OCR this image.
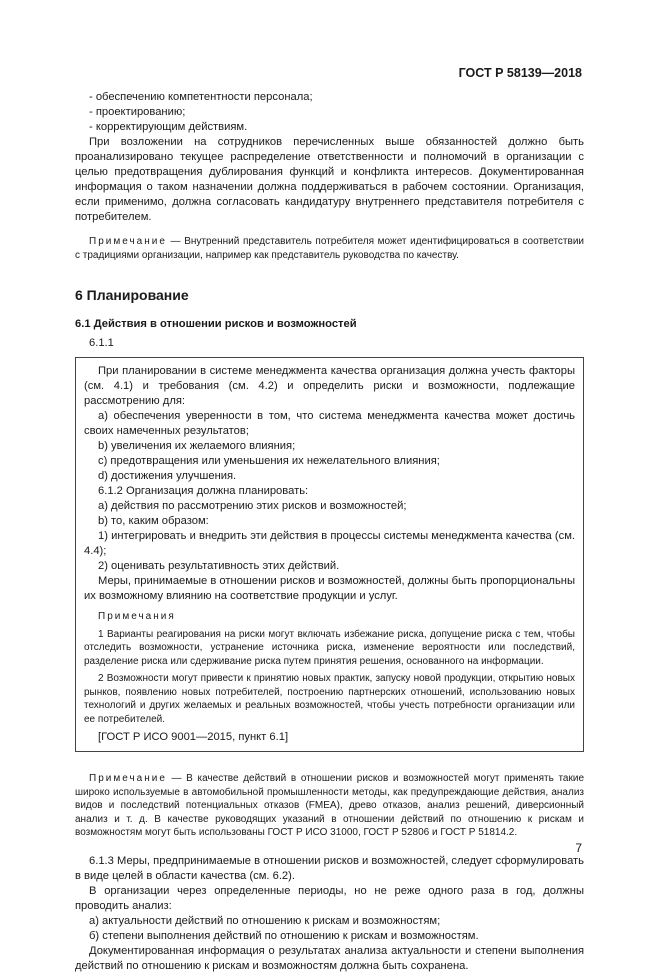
ГОСТ Р 58139—2018

- обеспечению компетентности персонала;

- проектированию;

- корректирующим действиям.

При возложении на сотрудников перечисленных выше обязанностей должно быть проанализировано текущее распределение ответственности и полномочий в организации с целью предотвращения дублирования функций и конфликта интересов. Документированная информация о таком назначении должна поддерживаться в рабочем состоянии. Организация, если применимо, должна согласовать кандидатуру внутреннего представителя потребителя с потребителем.

Примечание — Внутренний представитель потребителя может идентифицироваться в соответствии с традициями организации, например как представитель руководства по качеству.

6 Планирование
6.1 Действия в отношении рисков и возможностей

6.1.1

При планировании в системе менеджмента качества организация должна учесть факторы (см. 4.1) и требования (см. 4.2) и определить риски и возможности, подлежащие рассмотрению для:

a) обеспечения уверенности в том, что система менеджмента качества может достичь своих намеченных результатов;

b) увеличения их желаемого влияния;

c) предотвращения или уменьшения их нежелательного влияния;

d) достижения улучшения.

6.1.2 Организация должна планировать:

a) действия по рассмотрению этих рисков и возможностей;

b) то, каким образом:

1) интегрировать и внедрить эти действия в процессы системы менеджмента качества (см. 4.4);

2) оценивать результативность этих действий.

Меры, принимаемые в отношении рисков и возможностей, должны быть пропорциональны их возможному влиянию на соответствие продукции и услуг.

Примечания

1 Варианты реагирования на риски могут включать избежание риска, допущение риска с тем, чтобы отследить возможности, устранение источника риска, изменение вероятности или последствий, разделение риска или сдерживание риска путем принятия решения, основанного на информации.

2 Возможности могут привести к принятию новых практик, запуску новой продукции, открытию новых рынков, появлению новых потребителей, построению партнерских отношений, использованию новых технологий и других желаемых и реальных возможностей, чтобы учесть потребности организации или ее потребителей.

[ГОСТ Р ИСО 9001—2015, пункт 6.1]

Примечание — В качестве действий в отношении рисков и возможностей могут применять такие широко используемые в автомобильной промышленности методы, как предупреждающие действия, анализ видов и последствий потенциальных отказов (FMEA), древо отказов, анализ решений, диверсионный анализ и т. д. В качестве руководящих указаний в отношении действий по отношению к рискам и возможностям могут быть использованы ГОСТ Р ИСО 31000, ГОСТ Р 52806 и ГОСТ Р 51814.2.

6.1.3 Меры, предпринимаемые в отношении рисков и возможностей, следует сформулировать в виде целей в области качества (см. 6.2).

В организации через определенные периоды, но не реже одного раза в год, должны проводить анализ:

а) актуальности действий по отношению к рискам и возможностям;

б) степени выполнения действий по отношению к рискам и возможностям.

Документированная информация о результатах анализа актуальности и степени выполнения действий по отношению к рискам и возможностям должна быть сохранена.

7
